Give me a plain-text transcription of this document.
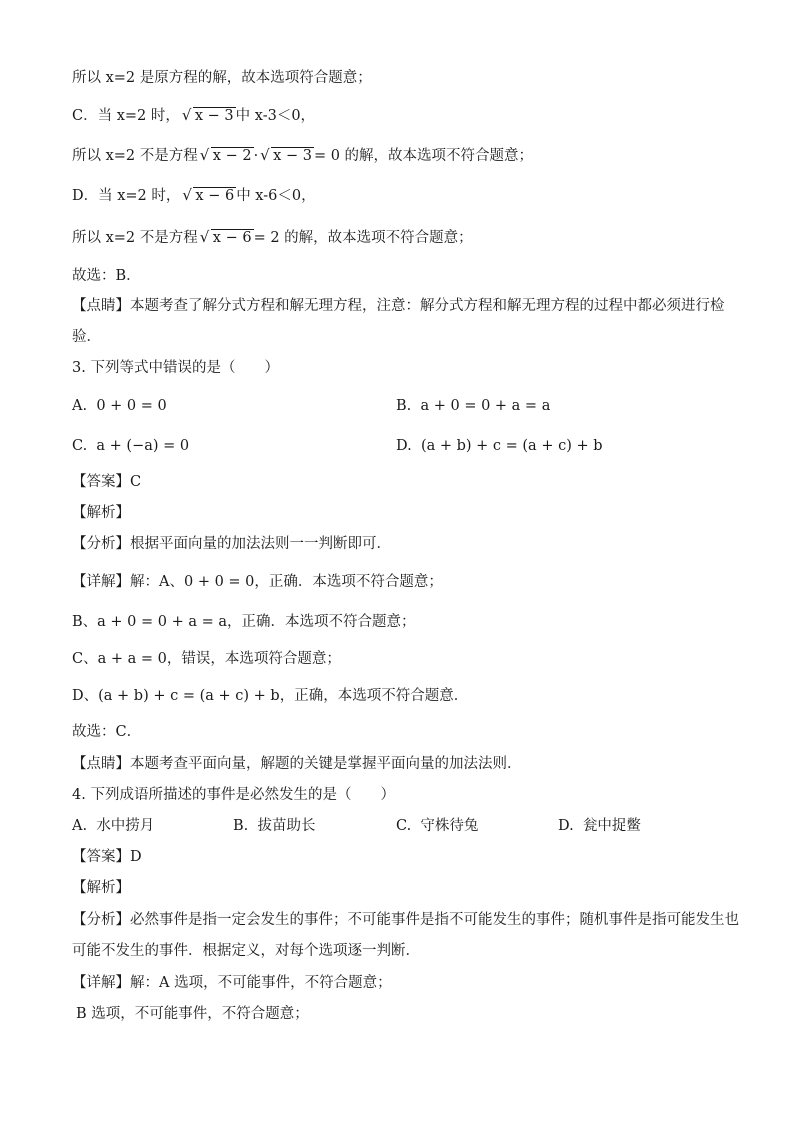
所以 x=2 是原方程的解，故本选项符合题意；
C．当 x=2 时， √ x − 3 中 x-3＜0，
所以 x=2 不是方程 √ x − 2 · √ x − 3 = 0 的解，故本选项不符合题意；
D．当 x=2 时， √ x − 6 中 x-6＜0，
所以 x=2 不是方程 √ x − 6 = 2 的解，故本选项不符合题意；
故选：B．
【点睛】本题考查了解分式方程和解无理方程，注意：解分式方程和解无理方程的过程中都必须进行检
验．
3. 下列等式中错误的是（　　）
A. 0 + 0 = 0	B. a + 0 = 0 + a = a
C. a + (−a) = 0	D. (a + b) + c = (a + c) + b
【答案】C
【解析】
【分析】根据平面向量的加法法则一一判断即可．
【详解】解：A、0 + 0 = 0，正确．本选项不符合题意；
B、a + 0 = 0 + a = a，正确．本选项不符合题意；
C、a + a = 0，错误，本选项符合题意；
D、(a + b) + c = (a + c) + b，正确，本选项不符合题意．
故选：C．
【点睛】本题考查平面向量，解题的关键是掌握平面向量的加法法则．
4. 下列成语所描述的事件是必然发生的是（　　）
A. 水中捞月	B. 拔苗助长	C. 守株待兔	D. 瓮中捉鳖
【答案】D
【解析】
【分析】必然事件是指一定会发生的事件；不可能事件是指不可能发生的事件；随机事件是指可能发生也
可能不发生的事件．根据定义，对每个选项逐一判断．
【详解】解：A 选项，不可能事件，不符合题意；
B 选项，不可能事件，不符合题意；
